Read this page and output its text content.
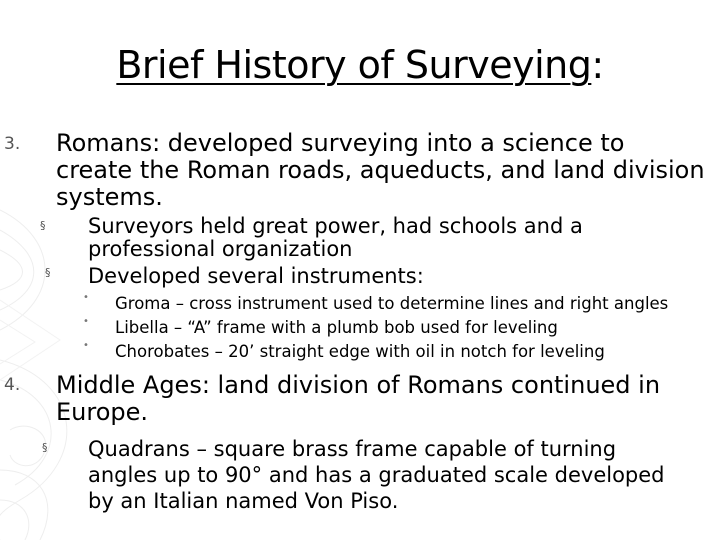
Brief History of Surveying:
3. Romans: developed surveying into a science to create the Roman roads, aqueducts, and land division systems.
§ Surveyors held great power, had schools and a professional organization
§ Developed several instruments:
• Groma – cross instrument used to determine lines and right angles
• Libella – “A” frame with a plumb bob used for leveling
• Chorobates – 20’ straight edge with oil in notch for leveling
4. Middle Ages: land division of Romans continued in Europe.
§ Quadrans – square brass frame capable of turning angles up to 90° and has a graduated scale developed by an Italian named Von Piso.
